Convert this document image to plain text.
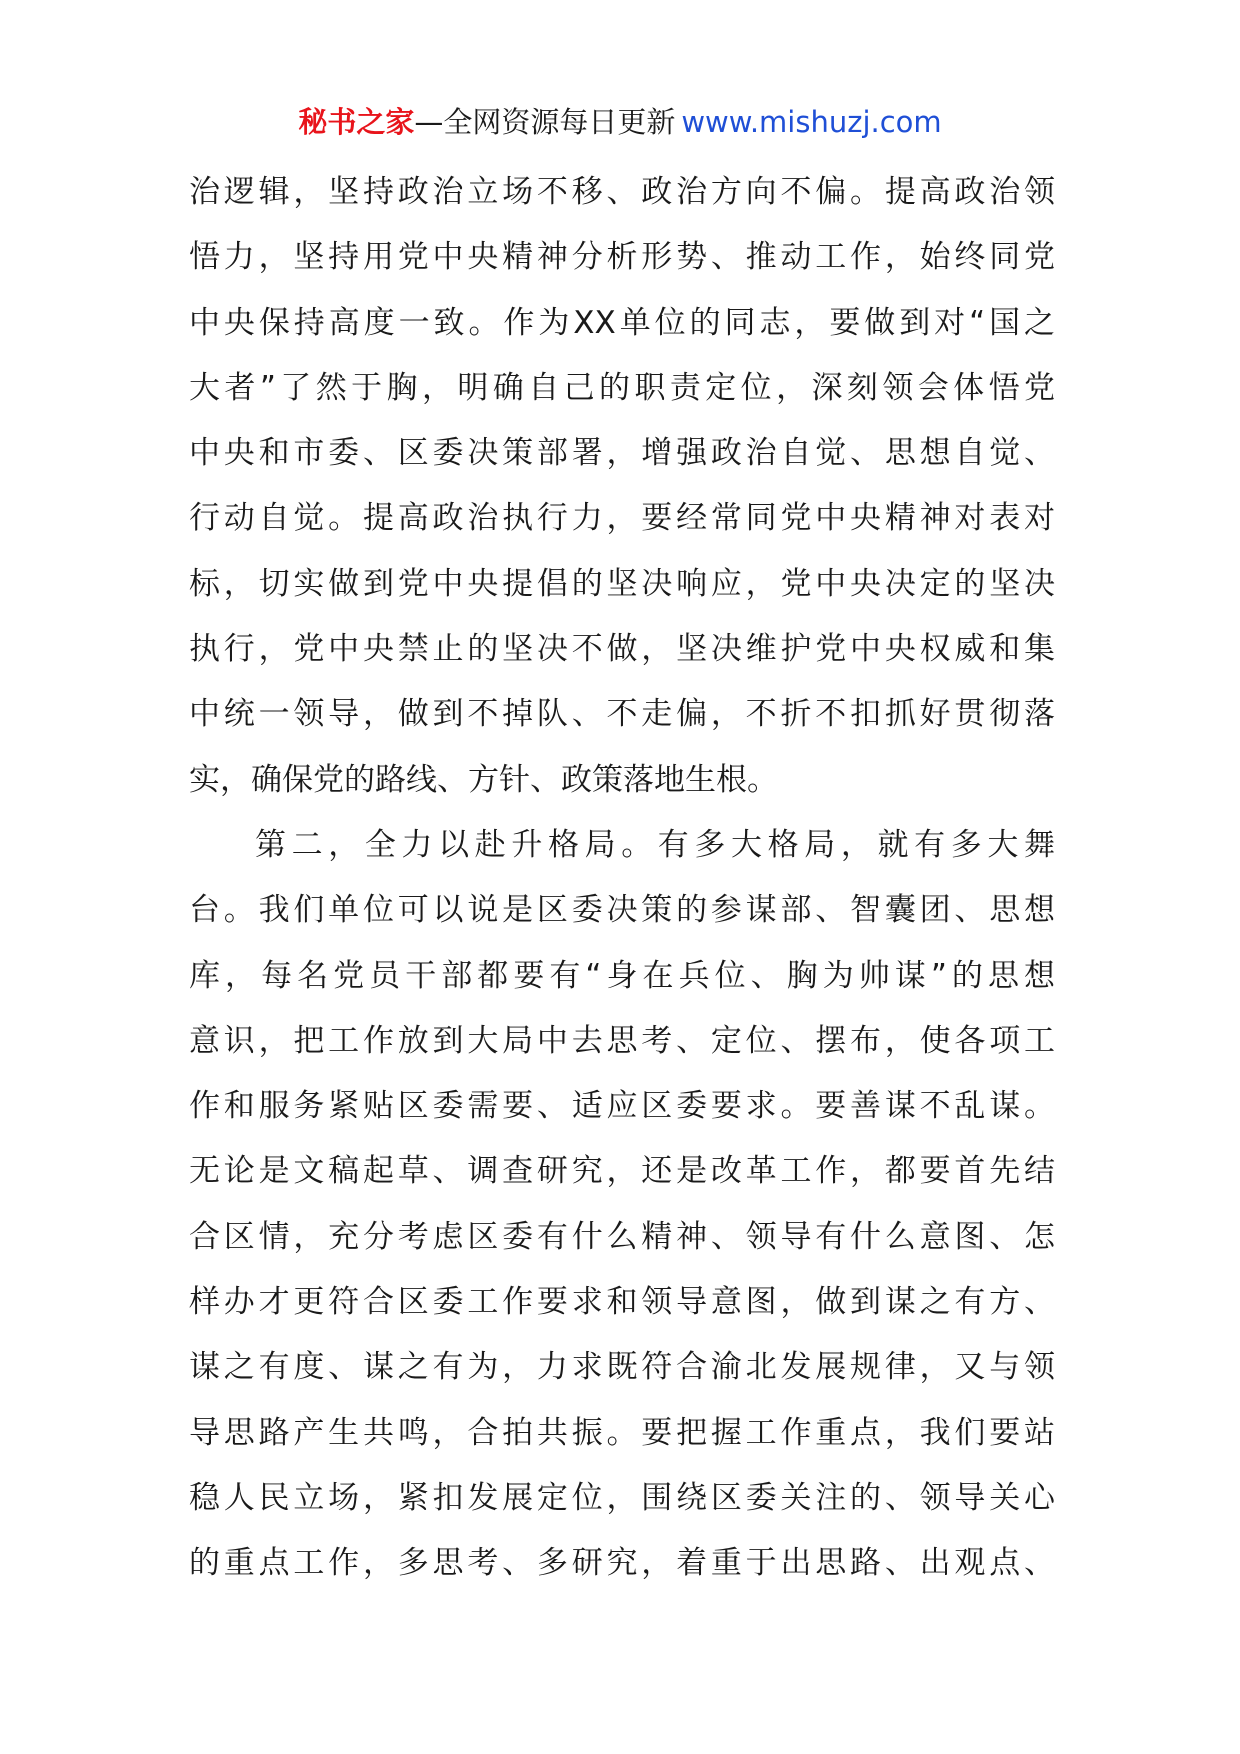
秘书之家—全网资源每日更新 www.mishuzj.com
治逻辑，坚持政治立场不移、政治方向不偏。提高政治领
悟力，坚持用党中央精神分析形势、推动工作，始终同党
中央保持高度一致。作为XX单位的同志，要做到对“国之
大者”了然于胸，明确自己的职责定位，深刻领会体悟党
中央和市委、区委决策部署，增强政治自觉、思想自觉、
行动自觉。提高政治执行力，要经常同党中央精神对表对
标，切实做到党中央提倡的坚决响应，党中央决定的坚决
执行，党中央禁止的坚决不做，坚决维护党中央权威和集
中统一领导，做到不掉队、不走偏，不折不扣抓好贯彻落
实，确保党的路线、方针、政策落地生根。
第二，全力以赴升格局。有多大格局，就有多大舞
台。我们单位可以说是区委决策的参谋部、智囊团、思想
库，每名党员干部都要有“身在兵位、胸为帅谋”的思想
意识，把工作放到大局中去思考、定位、摆布，使各项工
作和服务紧贴区委需要、适应区委要求。要善谋不乱谋。
无论是文稿起草、调查研究，还是改革工作，都要首先结
合区情，充分考虑区委有什么精神、领导有什么意图、怎
样办才更符合区委工作要求和领导意图，做到谋之有方、
谋之有度、谋之有为，力求既符合渝北发展规律，又与领
导思路产生共鸣，合拍共振。要把握工作重点，我们要站
稳人民立场，紧扣发展定位，围绕区委关注的、领导关心
的重点工作，多思考、多研究，着重于出思路、出观点、
